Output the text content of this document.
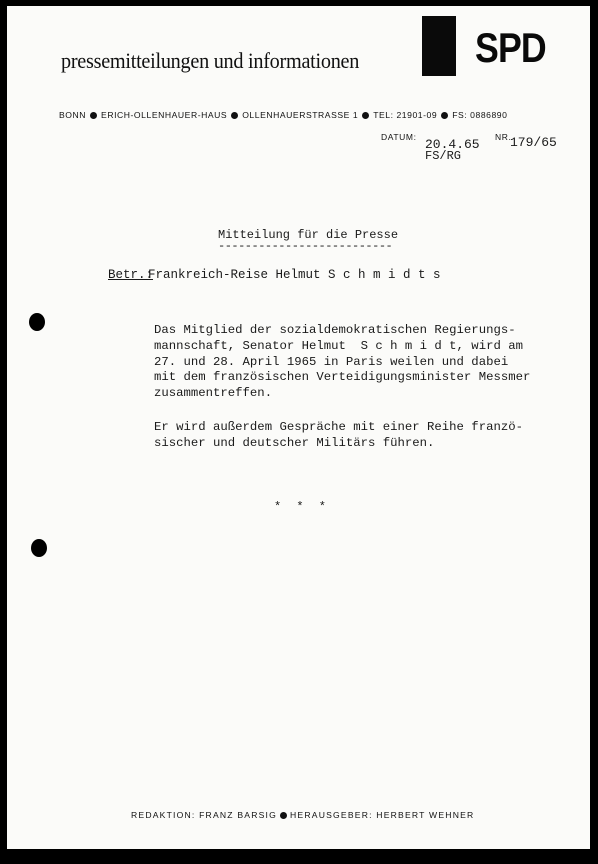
pressemitteilungen und informationen	SPD
BONN ERICH-OLLENHAUER-HAUS OLLENHAUERSTRASSE 1 TEL: 21901-09 FS: 0886890
DATUM: 20.4.65
FS/RG
NR.
179/65
Mitteilung für die Presse
--------------------------
Betr.:
Frankreich-Reise Helmut S c h m i d t s
Das Mitglied der sozialdemokratischen Regierungs-
mannschaft, Senator Helmut  S c h m i d t, wird am
27. und 28. April 1965 in Paris weilen und dabei
mit dem französischen Verteidigungsminister Messmer
zusammentreffen.
Er wird außerdem Gespräche mit einer Reihe franzö-
sischer und deutscher Militärs führen.
* * *
REDAKTION: FRANZ BARSIG HERAUSGEBER: HERBERT WEHNER
